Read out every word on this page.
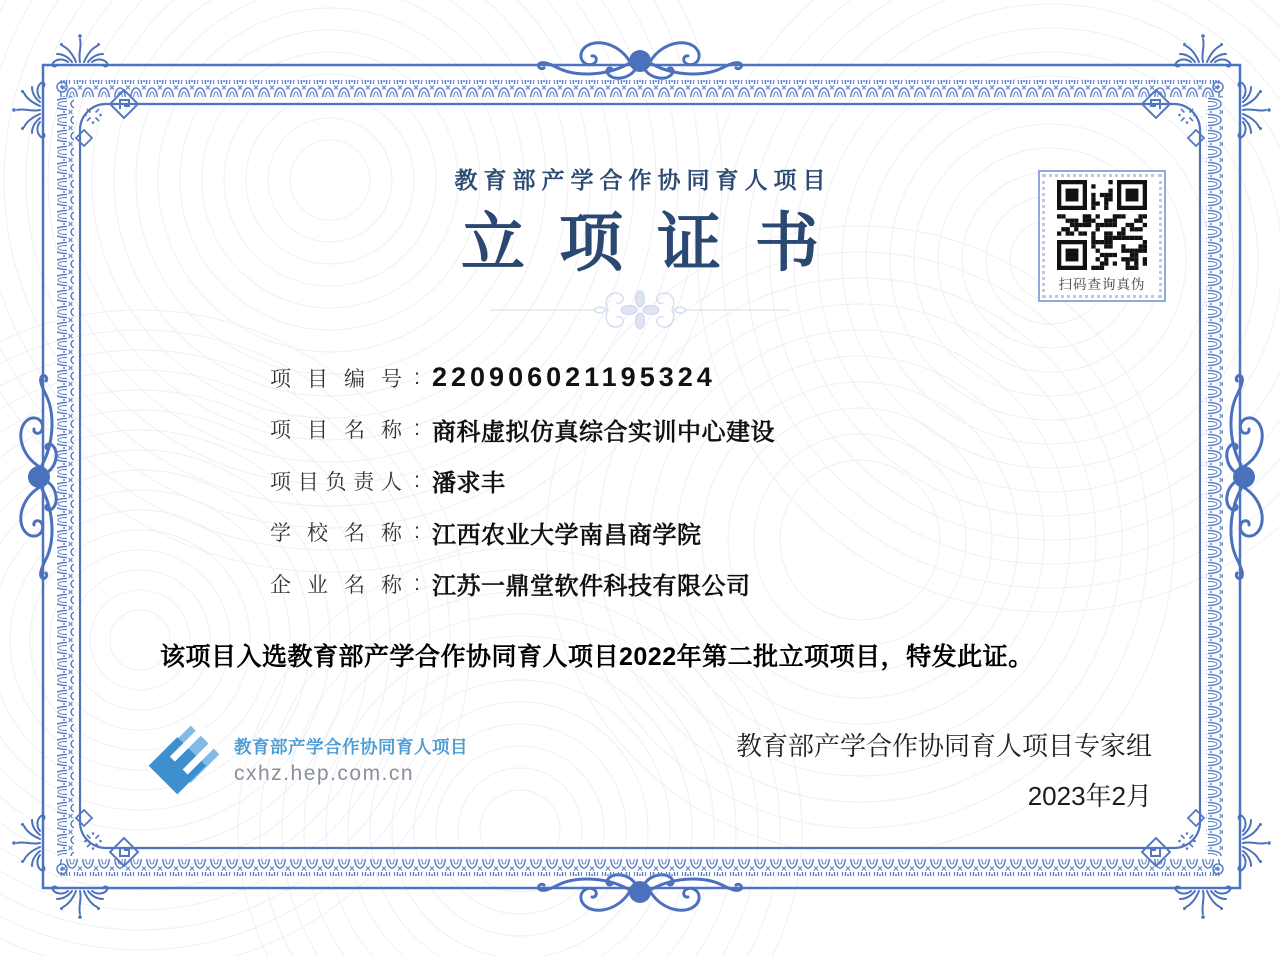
教育部产学合作协同育人项目
立项证书
扫码查询真伪
项目编号 : 220906021195324
项目名称 : 商科虚拟仿真综合实训中心建设
项目负责人 : 潘求丰
学校名称 : 江西农业大学南昌商学院
企业名称 : 江苏一鼎堂软件科技有限公司
该项目入选教育部产学合作协同育人项目2022年第二批立项项目，特发此证。
教育部产学合作协同育人项目
cxhz.hep.com.cn
教育部产学合作协同育人项目专家组
2023年2月
